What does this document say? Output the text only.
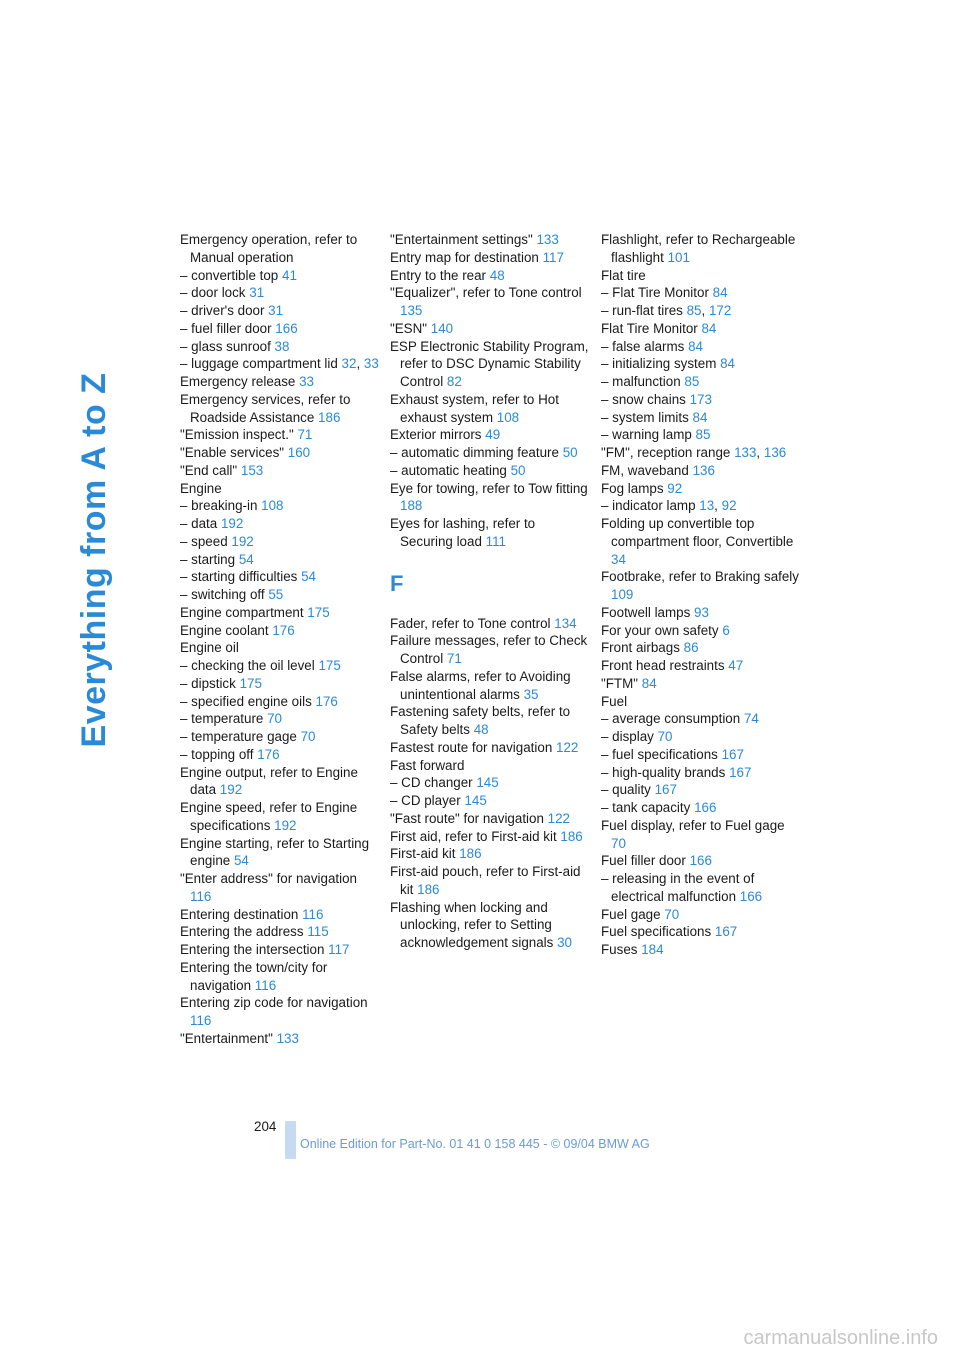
Everything from A to Z
Emergency operation, refer to Manual operation
– convertible top 41
– door lock 31
– driver's door 31
– fuel filler door 166
– glass sunroof 38
– luggage compartment lid 32, 33
Emergency release 33
Emergency services, refer to Roadside Assistance 186
"Emission inspect." 71
"Enable services" 160
"End call" 153
Engine
– breaking-in 108
– data 192
– speed 192
– starting 54
– starting difficulties 54
– switching off 55
Engine compartment 175
Engine coolant 176
Engine oil
– checking the oil level 175
– dipstick 175
– specified engine oils 176
– temperature 70
– temperature gage 70
– topping off 176
Engine output, refer to Engine data 192
Engine speed, refer to Engine specifications 192
Engine starting, refer to Starting engine 54
"Enter address" for navigation 116
Entering destination 116
Entering the address 115
Entering the intersection 117
Entering the town/city for navigation 116
Entering zip code for navigation 116
"Entertainment" 133
"Entertainment settings" 133
Entry map for destination 117
Entry to the rear 48
"Equalizer", refer to Tone control 135
"ESN" 140
ESP Electronic Stability Program, refer to DSC Dynamic Stability Control 82
Exhaust system, refer to Hot exhaust system 108
Exterior mirrors 49
– automatic dimming feature 50
– automatic heating 50
Eye for towing, refer to Tow fitting 188
Eyes for lashing, refer to Securing load 111
F
Fader, refer to Tone control 134
Failure messages, refer to Check Control 71
False alarms, refer to Avoiding unintentional alarms 35
Fastening safety belts, refer to Safety belts 48
Fastest route for navigation 122
Fast forward
– CD changer 145
– CD player 145
"Fast route" for navigation 122
First aid, refer to First-aid kit 186
First-aid kit 186
First-aid pouch, refer to First-aid kit 186
Flashing when locking and unlocking, refer to Setting acknowledgement signals 30
Flashlight, refer to Rechargeable flashlight 101
Flat tire
– Flat Tire Monitor 84
– run-flat tires 85, 172
Flat Tire Monitor 84
– false alarms 84
– initializing system 84
– malfunction 85
– snow chains 173
– system limits 84
– warning lamp 85
"FM", reception range 133, 136
FM, waveband 136
Fog lamps 92
– indicator lamp 13, 92
Folding up convertible top compartment floor, Convertible 34
Footbrake, refer to Braking safely 109
Footwell lamps 93
For your own safety 6
Front airbags 86
Front head restraints 47
"FTM" 84
Fuel
– average consumption 74
– display 70
– fuel specifications 167
– high-quality brands 167
– quality 167
– tank capacity 166
Fuel display, refer to Fuel gage 70
Fuel filler door 166
– releasing in the event of electrical malfunction 166
Fuel gage 70
Fuel specifications 167
Fuses 184
204
Online Edition for Part-No. 01 41 0 158 445 - © 09/04 BMW AG
carmanualsonline.info
